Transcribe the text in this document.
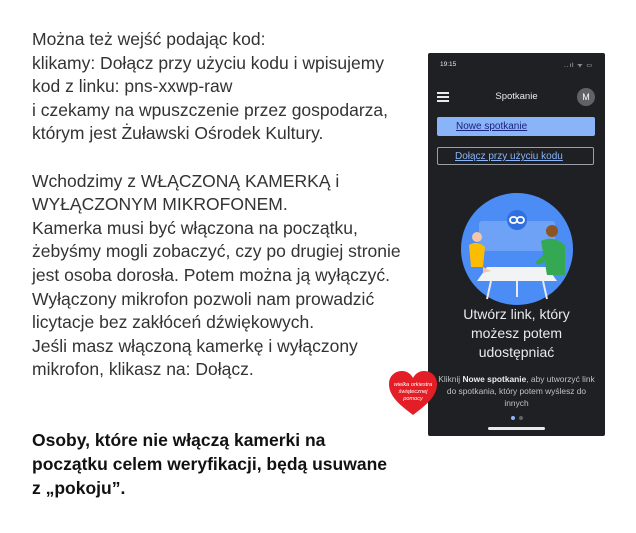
Można też wejść podając kod:

klikamy: Dołącz przy użyciu kodu i wpisujemy

kod z linku: pns-xxwp-raw

i czekamy na wpuszczenie przez gospodarza,

którym jest Żuławski Ośrodek Kultury.

Wchodzimy z WŁĄCZONĄ KAMERKĄ i

WYŁĄCZONYM MIKROFONEM.

Kamerka musi być włączona na początku,

żebyśmy mogli zobaczyć, czy po drugiej stronie

jest osoba dorosła. Potem można ją wyłączyć.

Wyłączony mikrofon pozwoli nam prowadzić

licytacje bez zakłóceń dźwiękowych.

Jeśli masz włączoną kamerkę i wyłączony

mikrofon, klikasz na: Dołącz.

Osoby, które nie włączą kamerki na

początku celem weryfikacji, będą usuwane

z „pokoju”.

19:15	..ıl ᯤ ▭
Spotkanie	M
Nowe spotkanie
Dołącz przy użyciu kodu
Utwórz link, który
możesz potem
udostępniać
Kliknij Nowe spotkanie, aby utworzyć link do spotkania, który potem wyślesz do innych
wielka orkiestra
świątecznej
pomocy
